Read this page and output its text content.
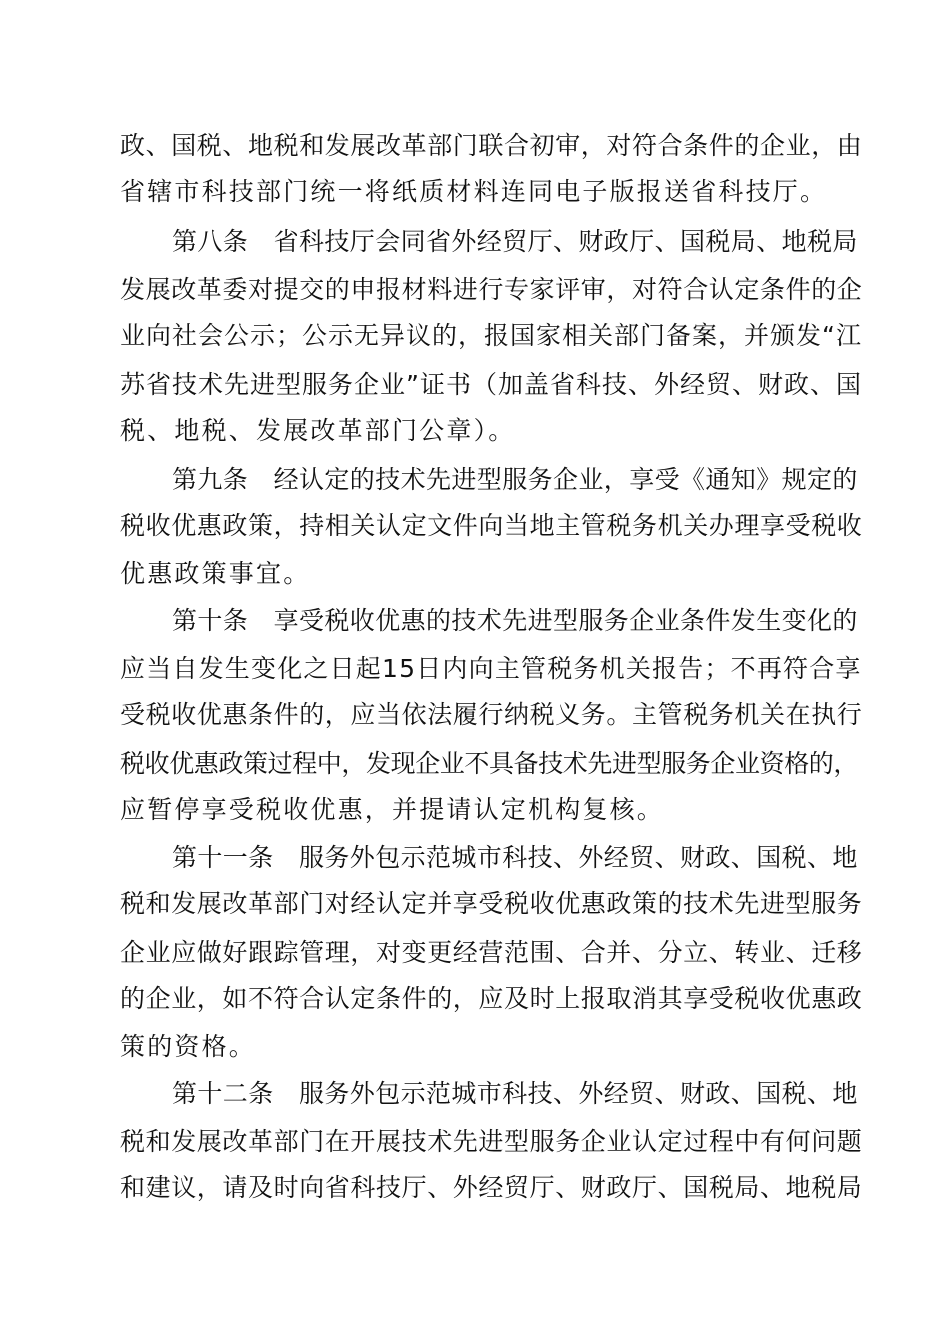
政、国税、地税和发展改革部门联合初审，对符合条件的企业，由
省辖市科技部门统一将纸质材料连同电子版报送省科技厅。
第八条　省科技厅会同省外经贸厅、财政厅、国税局、地税局
发展改革委对提交的申报材料进行专家评审，对符合认定条件的企
业向社会公示；公示无异议的，报国家相关部门备案，并颁发“江
苏省技术先进型服务企业”证书（加盖省科技、外经贸、财政、国
税、地税、发展改革部门公章）。
第九条　经认定的技术先进型服务企业，享受《通知》规定的
税收优惠政策，持相关认定文件向当地主管税务机关办理享受税收
优惠政策事宜。
第十条　享受税收优惠的技术先进型服务企业条件发生变化的
应当自发生变化之日起15日内向主管税务机关报告；不再符合享
受税收优惠条件的，应当依法履行纳税义务。主管税务机关在执行
税收优惠政策过程中，发现企业不具备技术先进型服务企业资格的，
应暂停享受税收优惠，并提请认定机构复核。
第十一条　服务外包示范城市科技、外经贸、财政、国税、地
税和发展改革部门对经认定并享受税收优惠政策的技术先进型服务
企业应做好跟踪管理，对变更经营范围、合并、分立、转业、迁移
的企业，如不符合认定条件的，应及时上报取消其享受税收优惠政
策的资格。
第十二条　服务外包示范城市科技、外经贸、财政、国税、地
税和发展改革部门在开展技术先进型服务企业认定过程中有何问题
和建议，请及时向省科技厅、外经贸厅、财政厅、国税局、地税局
